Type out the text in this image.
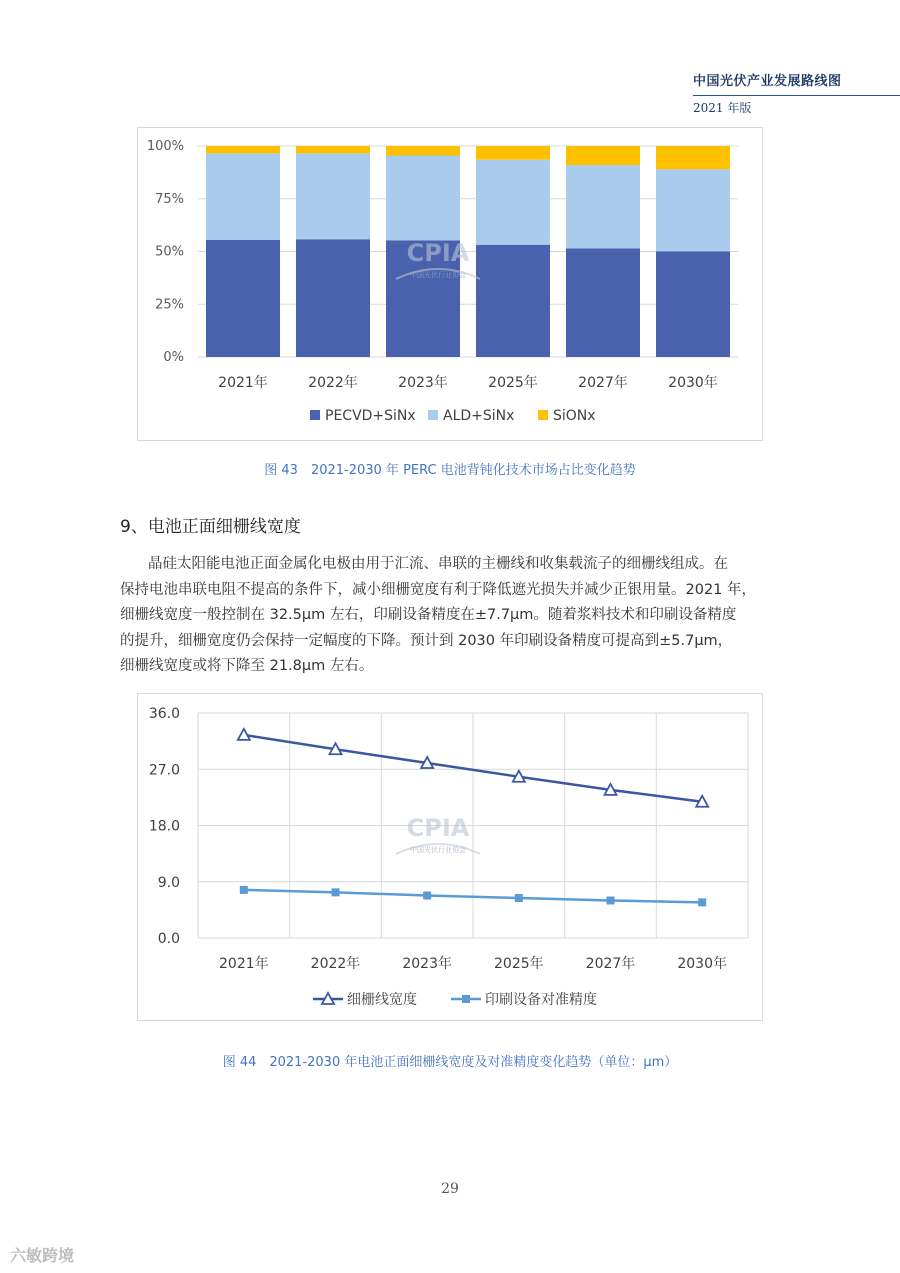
中国光伏产业发展路线图
2021 年版
0%
25%
50%
75%
100%
2021年	2022年	2023年	2025年	2027年	2030年
CPIA
中国光伏行业协会
PECVD+SiNx ALD+SiNx	SiONx
图 43　2021-2030 年 PERC 电池背钝化技术市场占比变化趋势
9、电池正面细栅线宽度
晶硅太阳能电池正面金属化电极由用于汇流、串联的主栅线和收集载流子的细栅线组成。在
保持电池串联电阻不提高的条件下，减小细栅宽度有利于降低遮光损失并减少正银用量。2021 年，
细栅线宽度一般控制在 32.5μm 左右，印刷设备精度在±7.7μm。随着浆料技术和印刷设备精度
的提升，细栅宽度仍会保持一定幅度的下降。预计到 2030 年印刷设备精度可提高到±5.7μm，
细栅线宽度或将下降至 21.8μm 左右。
0.0
9.0
18.0
27.0
36.0
2021年	2022年	2023年	2025年	2027年	2030年
CPIA
中国光伏行业协会
细栅线宽度	印刷设备对准精度
图 44　2021-2030 年电池正面细栅线宽度及对准精度变化趋势（单位：μm）
29
六敏跨境
